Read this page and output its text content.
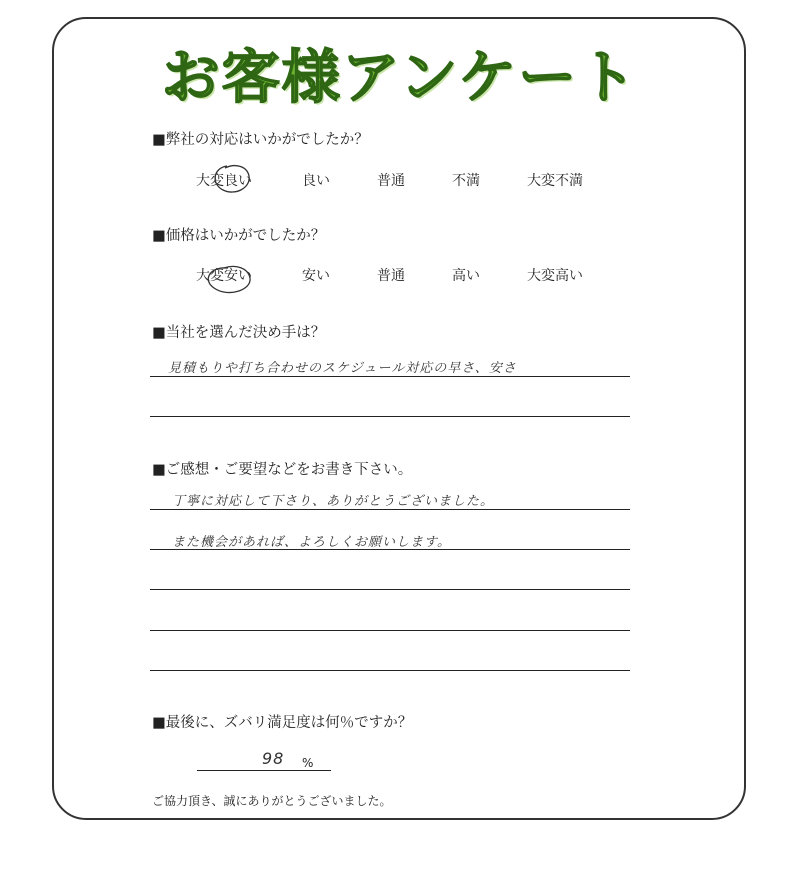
お客様アンケート
■弊社の対応はいかがでしたか？
大変良い	良い	普通	不満	大変不満
■価格はいかがでしたか？
大変安い	安い	普通	高い	大変高い
■当社を選んだ決め手は？
見積もりや打ち合わせのスケジュール対応の早さ、安さ
■ご感想・ご要望などをお書き下さい。
丁寧に対応して下さり、ありがとうございました。
また機会があれば、よろしくお願いします。
■最後に、ズバリ満足度は何％ですか？
98 %
ご協力頂き、誠にありがとうございました。
